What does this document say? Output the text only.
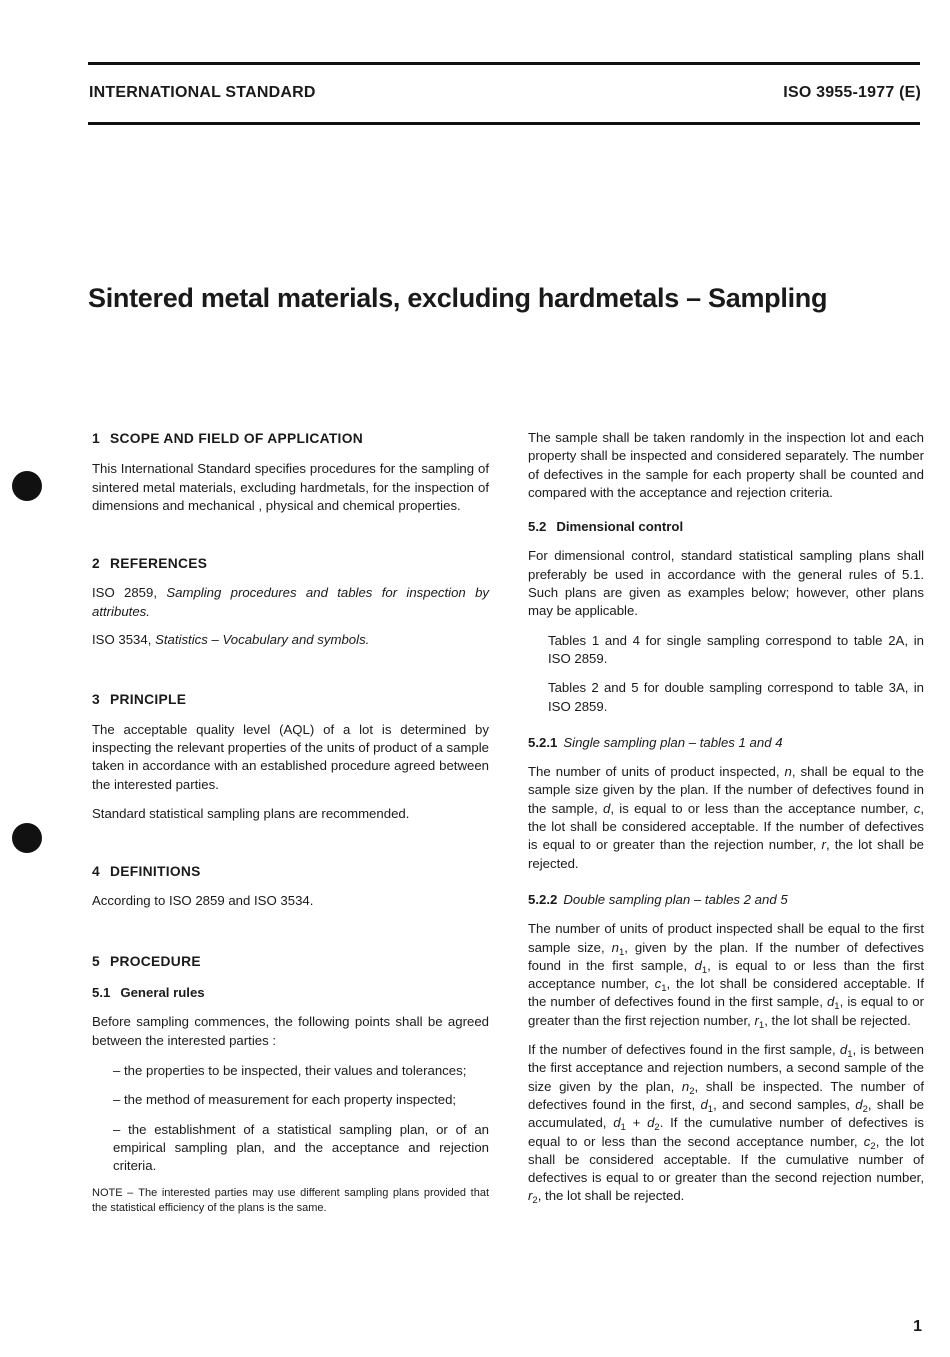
INTERNATIONAL STANDARD	ISO 3955-1977 (E)
Sintered metal materials, excluding hardmetals – Sampling
1 SCOPE AND FIELD OF APPLICATION

This International Standard specifies procedures for the sampling of sintered metal materials, excluding hardmetals, for the inspection of dimensions and mechanical , physical and chemical properties.

2 REFERENCES

ISO 2859, Sampling procedures and tables for inspection by attributes.

ISO 3534, Statistics – Vocabulary and symbols.

3 PRINCIPLE

The acceptable quality level (AQL) of a lot is determined by inspecting the relevant properties of the units of product of a sample taken in accordance with an established procedure agreed between the interested parties.

Standard statistical sampling plans are recommended.

4 DEFINITIONS

According to ISO 2859 and ISO 3534.

5 PROCEDURE
5.1 General rules

Before sampling commences, the following points shall be agreed between the interested parties :

– the properties to be inspected, their values and tolerances;

– the method of measurement for each property inspected;

– the establishment of a statistical sampling plan, or of an empirical sampling plan, and the acceptance and rejection criteria.

NOTE – The interested parties may use different sampling plans provided that the statistical efficiency of the plans is the same.

The sample shall be taken randomly in the inspection lot and each property shall be inspected and considered separately. The number of defectives in the sample for each property shall be counted and compared with the acceptance and rejection criteria.

5.2 Dimensional control

For dimensional control, standard statistical sampling plans shall preferably be used in accordance with the general rules of 5.1. Such plans are given as examples below; however, other plans may be applicable.

Tables 1 and 4 for single sampling correspond to table 2A, in ISO 2859.

Tables 2 and 5 for double sampling correspond to table 3A, in ISO 2859.

5.2.1 Single sampling plan – tables 1 and 4

The number of units of product inspected, n, shall be equal to the sample size given by the plan. If the number of defectives found in the sample, d, is equal to or less than the acceptance number, c, the lot shall be considered acceptable. If the number of defectives is equal to or greater than the rejection number, r, the lot shall be rejected.

5.2.2 Double sampling plan – tables 2 and 5

The number of units of product inspected shall be equal to the first sample size, $n_1$, given by the plan. If the number of defectives found in the first sample, $d_1$, is equal to or less than the first acceptance number, $c_1$, the lot shall be considered acceptable. If the number of defectives found in the first sample, $d_1$, is equal to or greater than the first rejection number, $r_1$, the lot shall be rejected.

If the number of defectives found in the first sample, $d_1$, is between the first acceptance and rejection numbers, a second sample of the size given by the plan, $n_2$, shall be inspected. The number of defectives found in the first, $d_1$, and second samples, $d_2$, shall be accumulated, $d_1 + d_2$. If the cumulative number of defectives is equal to or less than the second acceptance number, $c_2$, the lot shall be considered acceptable. If the cumulative number of defectives is equal to or greater than the second rejection number, $r_2$, the lot shall be rejected.

1
